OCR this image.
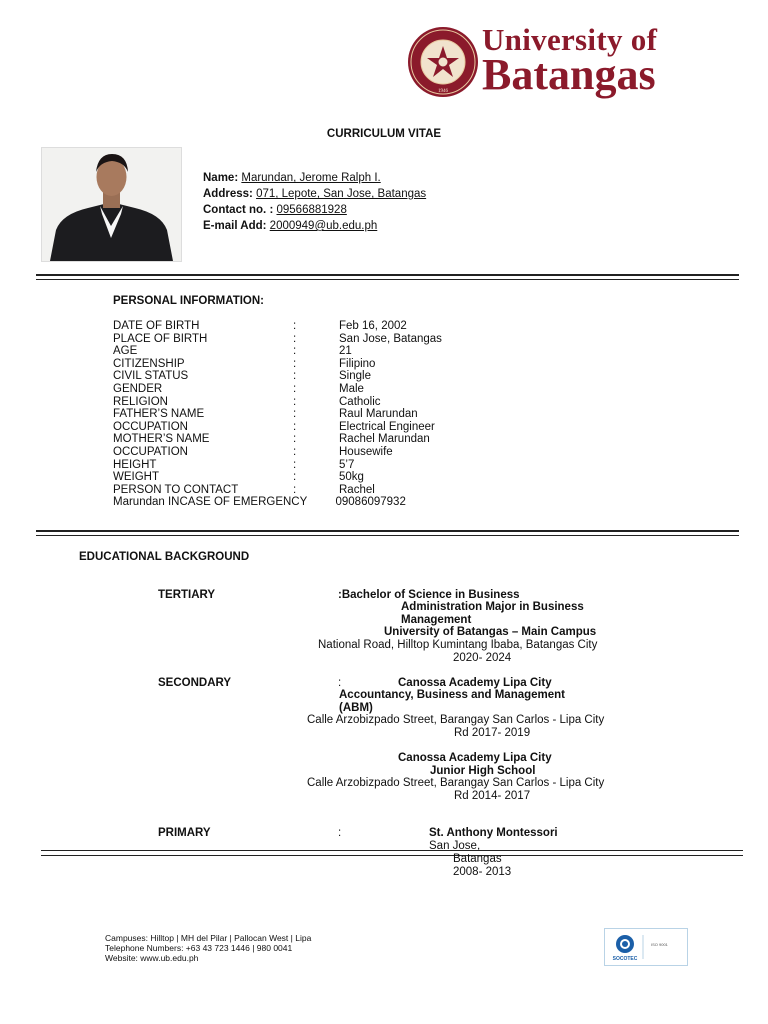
1946
University of
Batangas
CURRICULUM VITAE
Name: Marundan, Jerome Ralph I.
Address: 071, Lepote, San Jose, Batangas
Contact no. : 09566881928
E-mail Add: 2000949@ub.edu.ph
PERSONAL INFORMATION:
DATE OF BIRTH	:	Feb 16, 2002
PLACE OF BIRTH	:	San Jose, Batangas
AGE	:	21
CITIZENSHIP	:	Filipino
CIVIL STATUS	:	Single
GENDER	:	Male
RELIGION	:	Catholic
FATHER’S NAME	:	Raul Marundan
OCCUPATION	:	Electrical Engineer
MOTHER’S NAME	:	Rachel Marundan
OCCUPATION	:	Housewife
HEIGHT	:	5’7
WEIGHT	:	50kg
PERSON TO CONTACT	:	Rachel
Marundan INCASE OF EMERGENCY 09086097932
EDUCATIONAL BACKGROUND
TERTIARY	:Bachelor of Science in Business
Administration Major in Business
Management
University of Batangas – Main Campus
National Road, Hilltop Kumintang Ibaba, Batangas City
2020- 2024
SECONDARY	:	Canossa Academy Lipa City
Accountancy, Business and Management
(ABM)
Calle Arzobizpado Street, Barangay San Carlos - Lipa City
Rd 2017- 2019
Canossa Academy Lipa City
Junior High School
Calle Arzobizpado Street, Barangay San Carlos - Lipa City
Rd 2014- 2017
PRIMARY	:	St. Anthony Montessori
San Jose,
Batangas
2008- 2013
Campuses: Hilltop | MH del Pilar | Pallocan West | Lipa
Telephone Numbers: +63 43 723 1446 | 980 0041
Website: www.ub.edu.ph	SOCOTEC
ISO 9001
